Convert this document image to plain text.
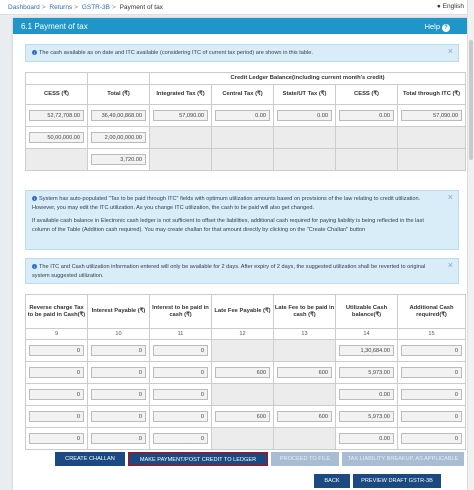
Dashboard > Returns > GSTR-3B > Payment of tax	● English
6.1 Payment of tax	Help ?
i The cash available as on date and ITC available (considering ITC of current tax period) are shown in this table.	×
		Credit Ledger Balance(including current month's credit)				
CESS (₹)	Total (₹)	Integrated Tax (₹)	Central Tax (₹)	State/UT Tax (₹)	CESS (₹)	Total through ITC (₹)

52,72,708.00	36,49,00,868.00	57,090.00	0.00	0.00	0.00	57,090.00

50,00,000.00	2,00,00,000.00					

	3,720.00					

i System has auto-populated "Tax to be paid through ITC" fields with optimum utilization amounts based on provisions of the law relating to credit utilization. However, you may edit the ITC utilization. As you change ITC utilization, the cash to be paid will also get changed.
If available cash balance in Electronic cash ledger is not sufficient to offset the liabilities, additional cash required for paying liability is being reflected in the last column of the Table (Addition cash required). You may create challan for that amount directly by clicking on the "Create Challan" button
×
i The ITC and Cash utilization information entered will only be available for 2 days. After expiry of 2 days, the suggested utilization shall be reverted to original system suggested utilization.
×
Reverse charge Tax to be paid in Cash(₹)	Interest Payable (₹)	Interest to be paid in cash (₹)	Late Fee Payable (₹)	Late Fee to be paid in cash (₹)	Utilizable Cash balance(₹)	Additional Cash required(₹)
9	10	11	12	13	14	15

0	0	0			1,30,684.00	0

0	0	0	600	600	5,973.00	0

0	0	0			0.00	0

0	0	0	600	600	5,973.00	0

0	0	0			0.00	0
CREATE CHALLAN	MAKE PAYMENT/POST CREDIT TO LEDGER	PROCEED TO FILE	TAX LIABILITY BREAKUP, AS APPLICABLE
BACK	PREVIEW DRAFT GSTR-3B
